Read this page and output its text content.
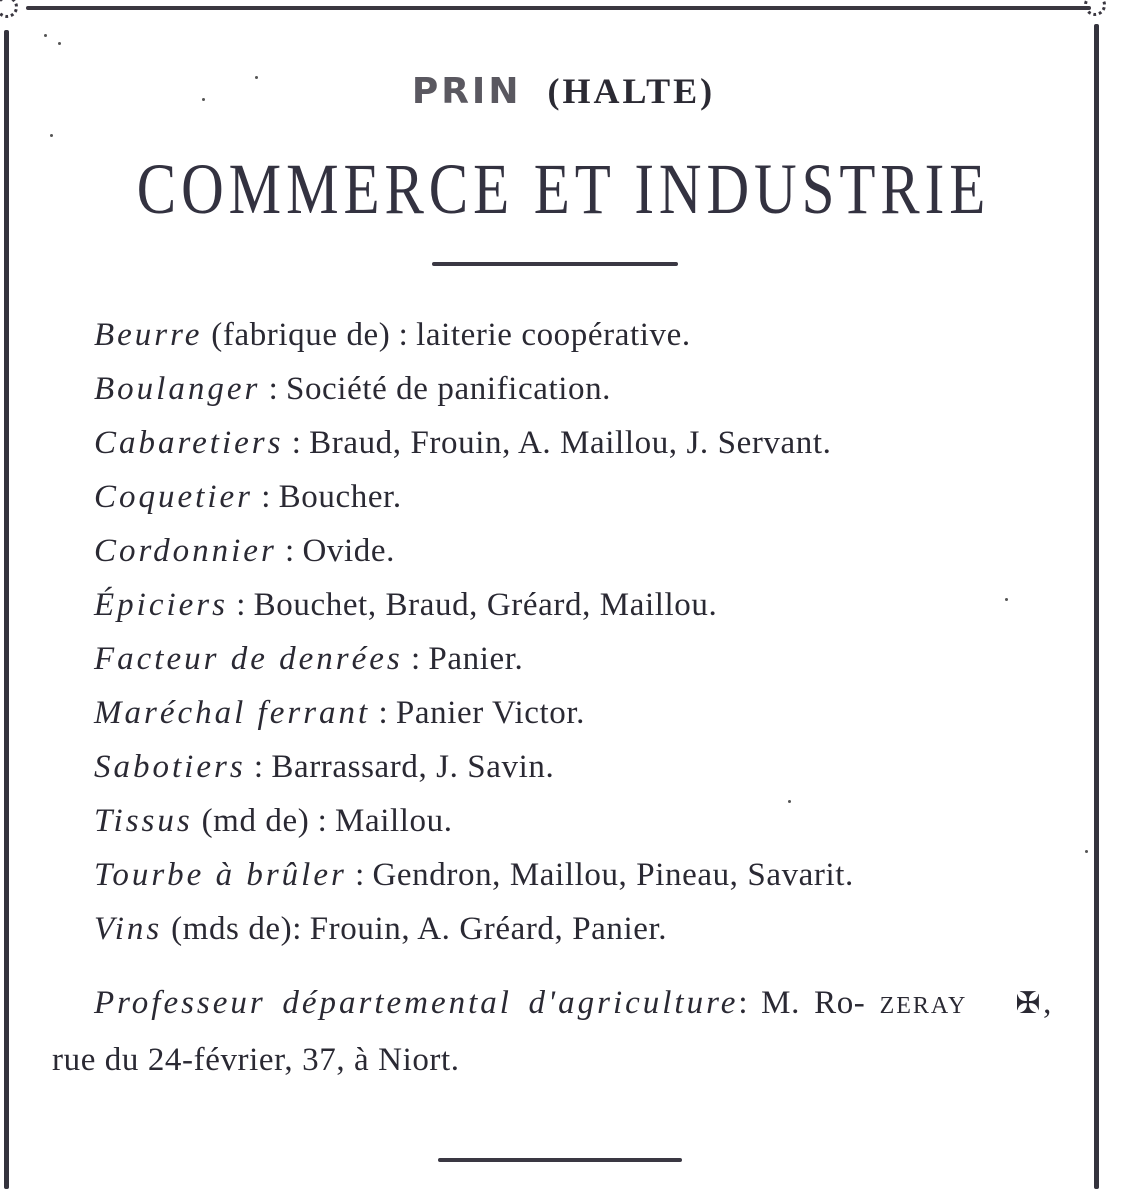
PRIN (HALTE)
COMMERCE ET INDUSTRIE

Beurre (fabrique de) : laiterie coopérative.

Boulanger : Société de panification.

Cabaretiers : Braud, Frouin, A. Maillou, J. Servant.

Coquetier : Boucher.

Cordonnier : Ovide.

Épiciers : Bouchet, Braud, Gréard, Maillou.

Facteur de denrées : Panier.

Maréchal ferrant : Panier Victor.

Sabotiers : Barrassard, J. Savin.

Tissus (md de) : Maillou.

Tourbe à brûler : Gendron, Maillou, Pineau, Savarit.

Vins (mds de): Frouin, A. Gréard, Panier.

Professeur départemental d'agriculture: M. Ro- ZERAY ✠, rue du 24-février, 37, à Niort.
